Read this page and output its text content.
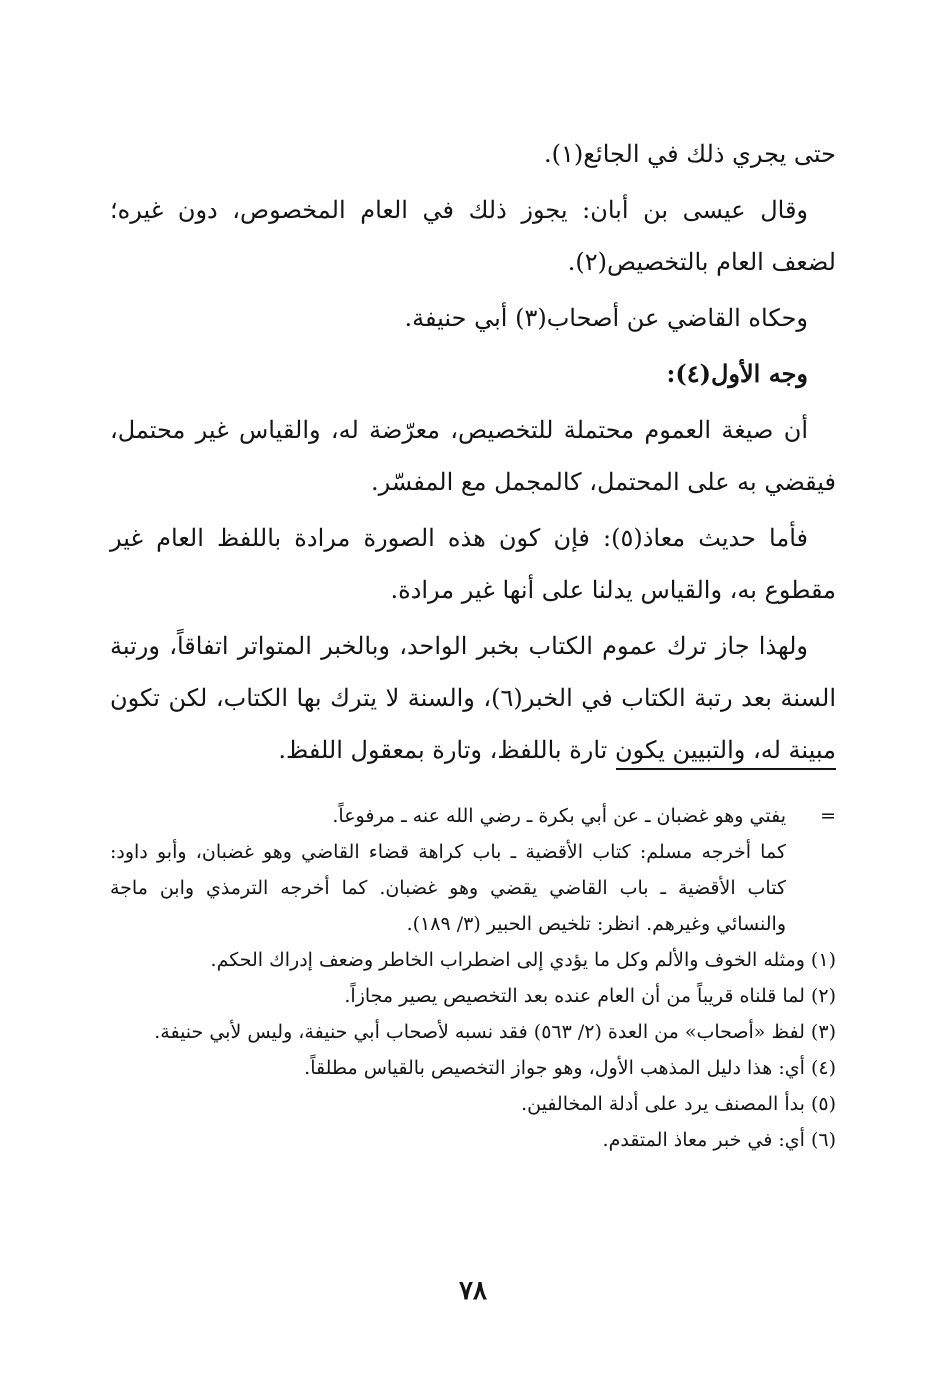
حتى يجري ذلك في الجائع(١).

وقال عيسى بن أبان: يجوز ذلك في العام المخصوص، دون غيره؛ لضعف العام بالتخصيص(٢).

وحكاه القاضي عن أصحاب(٣) أبي حنيفة.

وجه الأول(٤):

أن صيغة العموم محتملة للتخصيص، معرّضة له، والقياس غير محتمل، فيقضي به على المحتمل، كالمجمل مع المفسّر.

فأما حديث معاذ(٥): فإن كون هذه الصورة مرادة باللفظ العام غير مقطوع به، والقياس يدلنا على أنها غير مرادة.

ولهذا جاز ترك عموم الكتاب بخبر الواحد، وبالخبر المتواتر اتفاقاً، ورتبة السنة بعد رتبة الكتاب في الخبر(٦)، والسنة لا يترك بها الكتاب، لكن تكون مبينة له، والتبيين يكون تارة باللفظ، وتارة بمعقول اللفظ.

=
يفتي وهو غضبان ـ عن أبي بكرة ـ رضي الله عنه ـ مرفوعاً.

كما أخرجه مسلم: كتاب الأقضية ـ باب كراهة قضاء القاضي وهو غضبان، وأبو داود: كتاب الأقضية ـ باب القاضي يقضي وهو غضبان. كما أخرجه الترمذي وابن ماجة والنسائي وغيرهم. انظر: تلخيص الحبير (٣/ ١٨٩).

(١) ومثله الخوف والألم وكل ما يؤدي إلى اضطراب الخاطر وضعف إدراك الحكم.

(٢) لما قلناه قريباً من أن العام عنده بعد التخصيص يصير مجازاً.

(٣) لفظ «أصحاب» من العدة (٢/ ٥٦٣) فقد نسبه لأصحاب أبي حنيفة، وليس لأبي حنيفة.

(٤) أي: هذا دليل المذهب الأول، وهو جواز التخصيص بالقياس مطلقاً.

(٥) بدأ المصنف يرد على أدلة المخالفين.

(٦) أي: في خبر معاذ المتقدم.

٧٨
